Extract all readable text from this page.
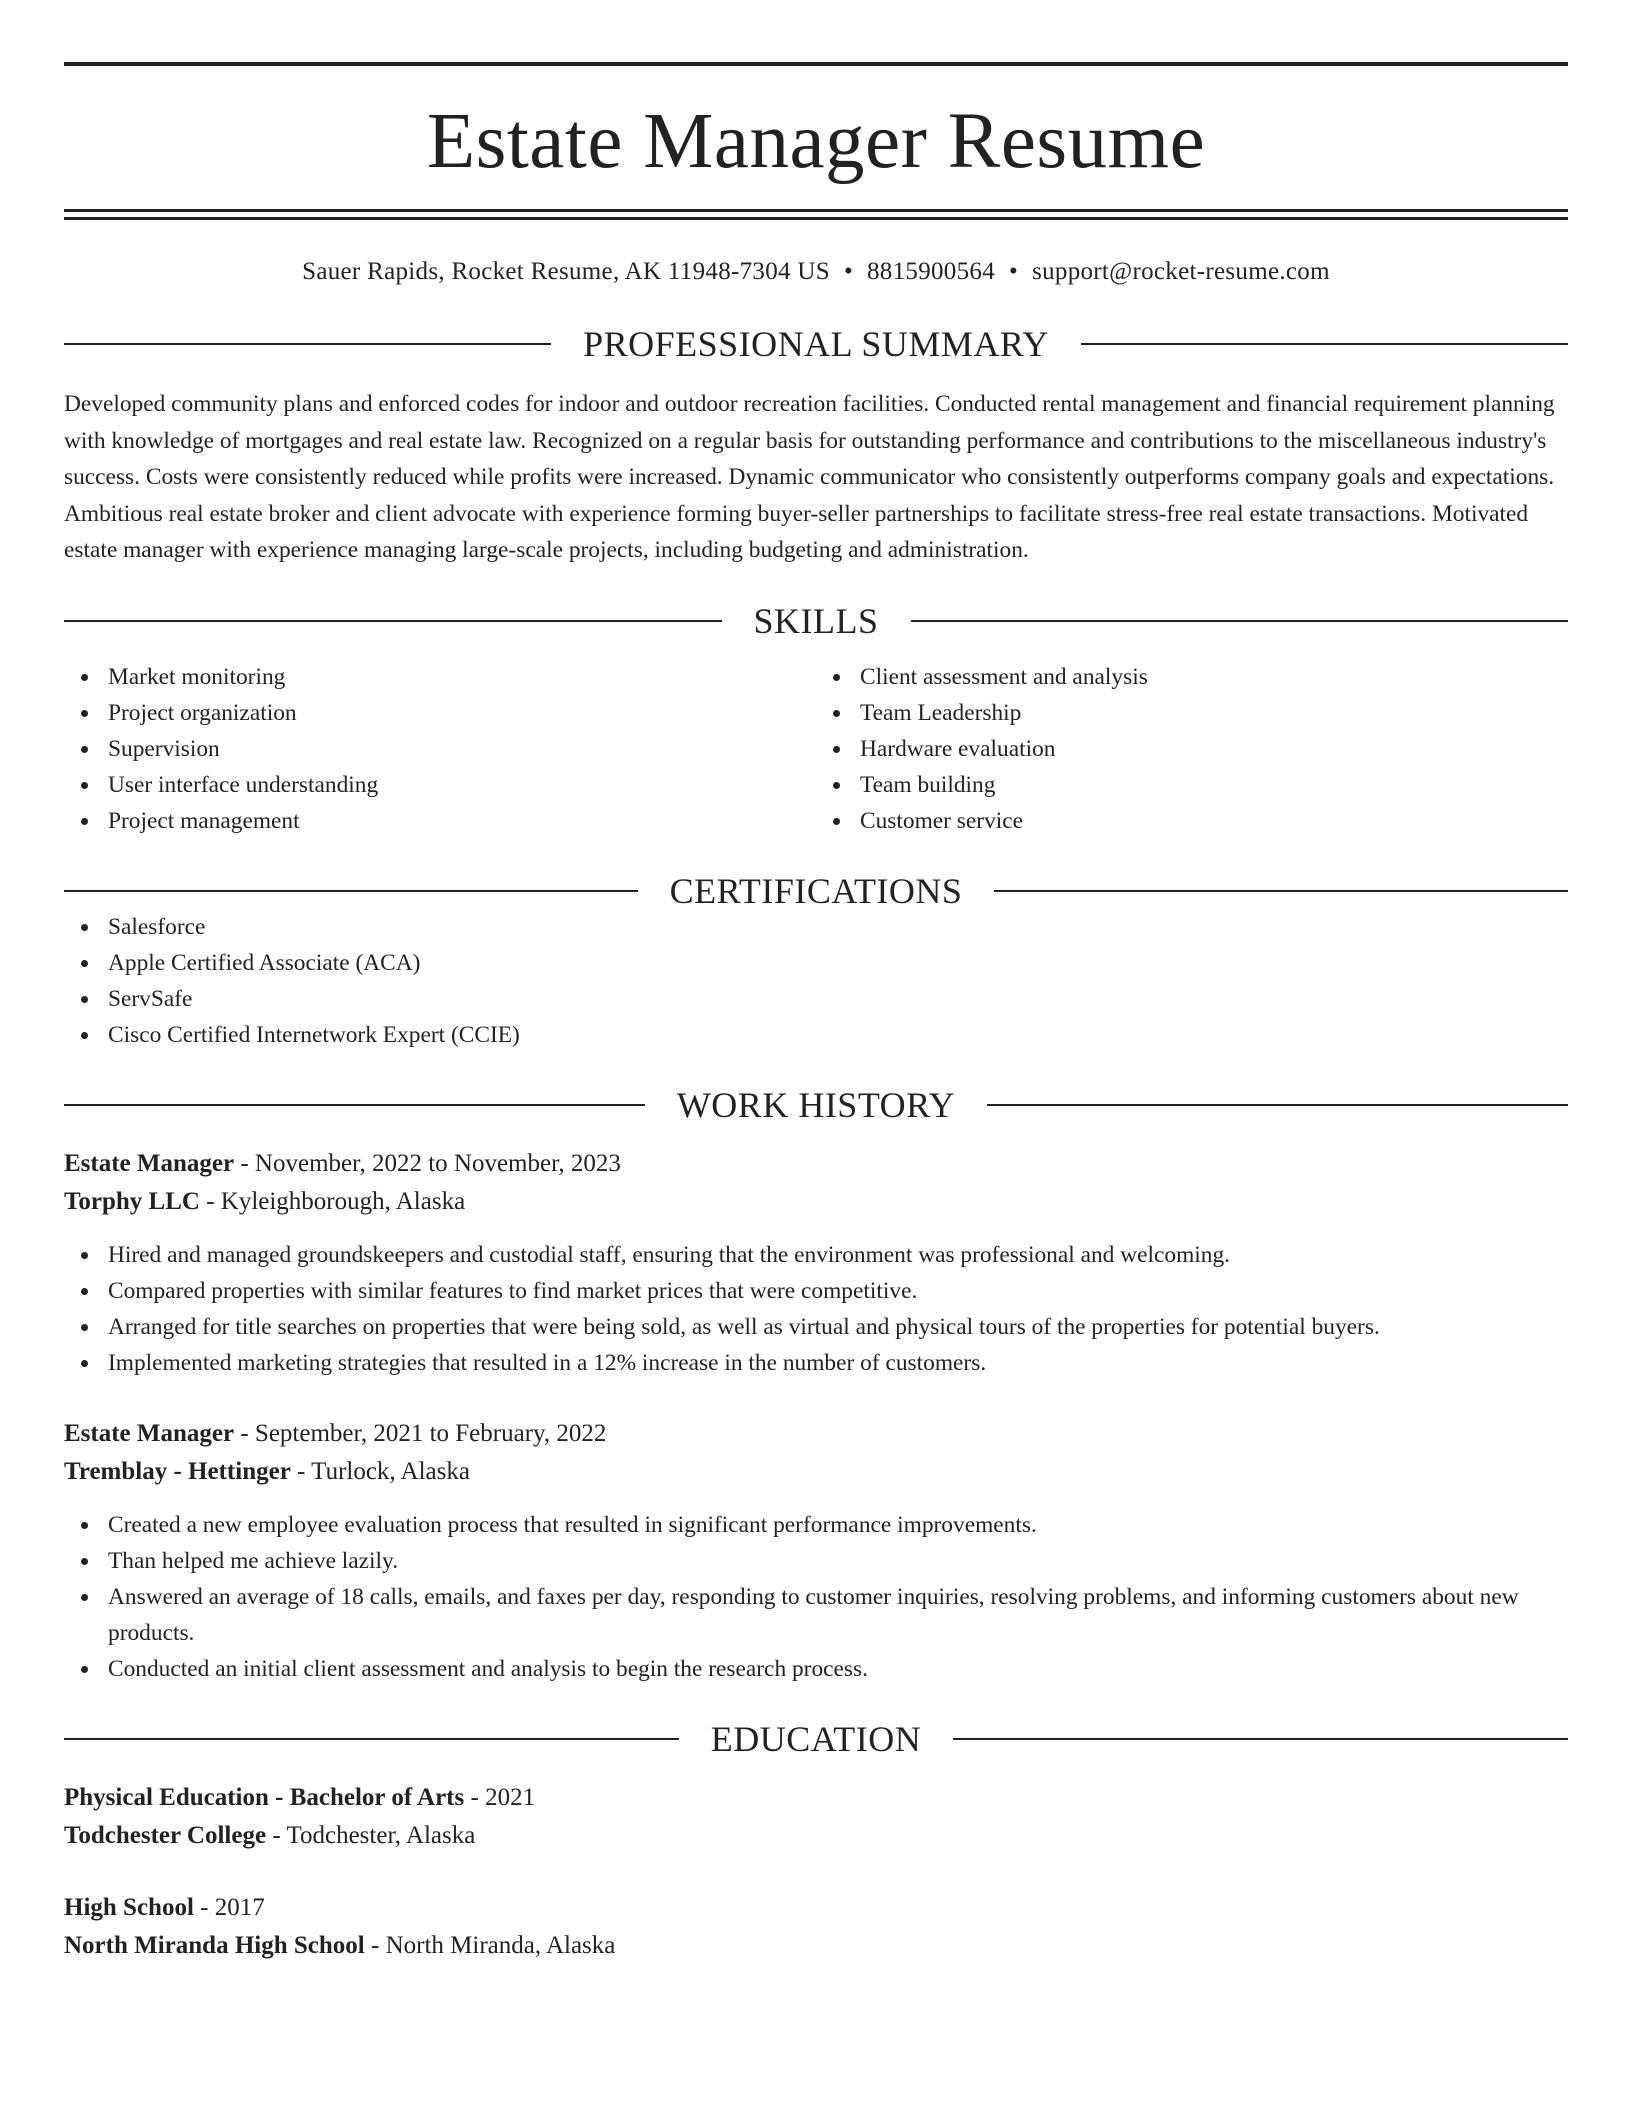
Estate Manager Resume
Sauer Rapids, Rocket Resume, AK 11948-7304 US • 8815900564 • support@rocket-resume.com
PROFESSIONAL SUMMARY
Developed community plans and enforced codes for indoor and outdoor recreation facilities. Conducted rental management and financial requirement planning with knowledge of mortgages and real estate law. Recognized on a regular basis for outstanding performance and contributions to the miscellaneous industry's success. Costs were consistently reduced while profits were increased. Dynamic communicator who consistently outperforms company goals and expectations. Ambitious real estate broker and client advocate with experience forming buyer-seller partnerships to facilitate stress-free real estate transactions. Motivated estate manager with experience managing large-scale projects, including budgeting and administration.
SKILLS
Market monitoring
Project organization
Supervision
User interface understanding
Project management
Client assessment and analysis
Team Leadership
Hardware evaluation
Team building
Customer service
CERTIFICATIONS
Salesforce
Apple Certified Associate (ACA)
ServSafe
Cisco Certified Internetwork Expert (CCIE)
WORK HISTORY
Estate Manager - November, 2022 to November, 2023
Torphy LLC - Kyleighborough, Alaska
Hired and managed groundskeepers and custodial staff, ensuring that the environment was professional and welcoming.
Compared properties with similar features to find market prices that were competitive.
Arranged for title searches on properties that were being sold, as well as virtual and physical tours of the properties for potential buyers.
Implemented marketing strategies that resulted in a 12% increase in the number of customers.
Estate Manager - September, 2021 to February, 2022
Tremblay - Hettinger - Turlock, Alaska
Created a new employee evaluation process that resulted in significant performance improvements.
Than helped me achieve lazily.
Answered an average of 18 calls, emails, and faxes per day, responding to customer inquiries, resolving problems, and informing customers about new products.
Conducted an initial client assessment and analysis to begin the research process.
EDUCATION
Physical Education - Bachelor of Arts - 2021
Todchester College - Todchester, Alaska
High School - 2017
North Miranda High School - North Miranda, Alaska
